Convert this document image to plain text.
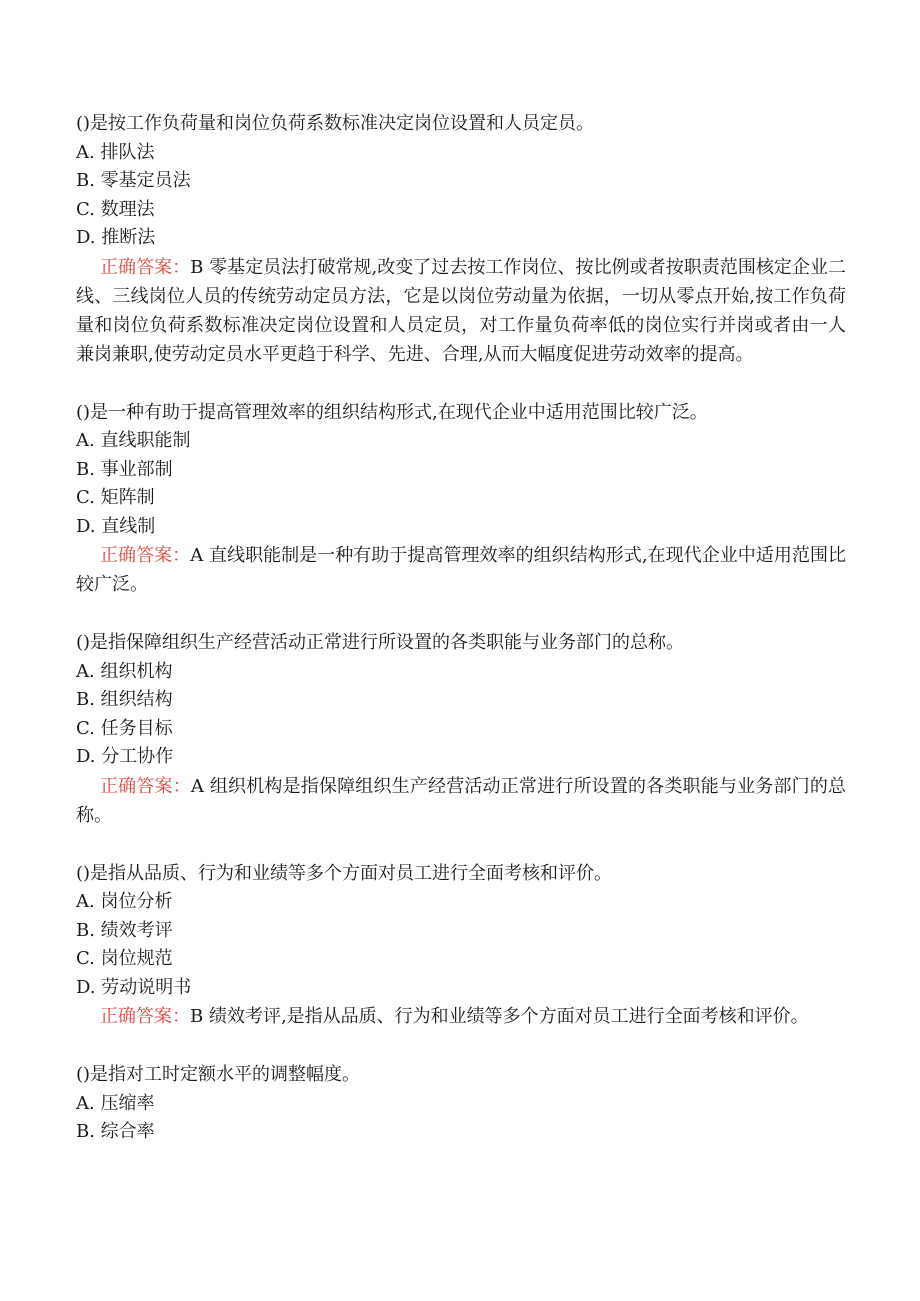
()是按工作负荷量和岗位负荷系数标准决定岗位设置和人员定员。
A. 排队法
B. 零基定员法
C. 数理法
D. 推断法

正确答案：B 零基定员法打破常规,改变了过去按工作岗位、按比例或者按职责范围核定企业二线、三线岗位人员的传统劳动定员方法，它是以岗位劳动量为依据，一切从零点开始,按工作负荷量和岗位负荷系数标准决定岗位设置和人员定员，对工作量负荷率低的岗位实行并岗或者由一人兼岗兼职,使劳动定员水平更趋于科学、先进、合理,从而大幅度促进劳动效率的提高。

()是一种有助于提高管理效率的组织结构形式,在现代企业中适用范围比较广泛。
A. 直线职能制
B. 事业部制
C. 矩阵制
D. 直线制

正确答案：A 直线职能制是一种有助于提高管理效率的组织结构形式,在现代企业中适用范围比较广泛。

()是指保障组织生产经营活动正常进行所设置的各类职能与业务部门的总称。
A. 组织机构
B. 组织结构
C. 任务目标
D. 分工协作

正确答案：A 组织机构是指保障组织生产经营活动正常进行所设置的各类职能与业务部门的总称。

()是指从品质、行为和业绩等多个方面对员工进行全面考核和评价。
A. 岗位分析
B. 绩效考评
C. 岗位规范
D. 劳动说明书

正确答案：B 绩效考评,是指从品质、行为和业绩等多个方面对员工进行全面考核和评价。

()是指对工时定额水平的调整幅度。
A. 压缩率
B. 综合率
